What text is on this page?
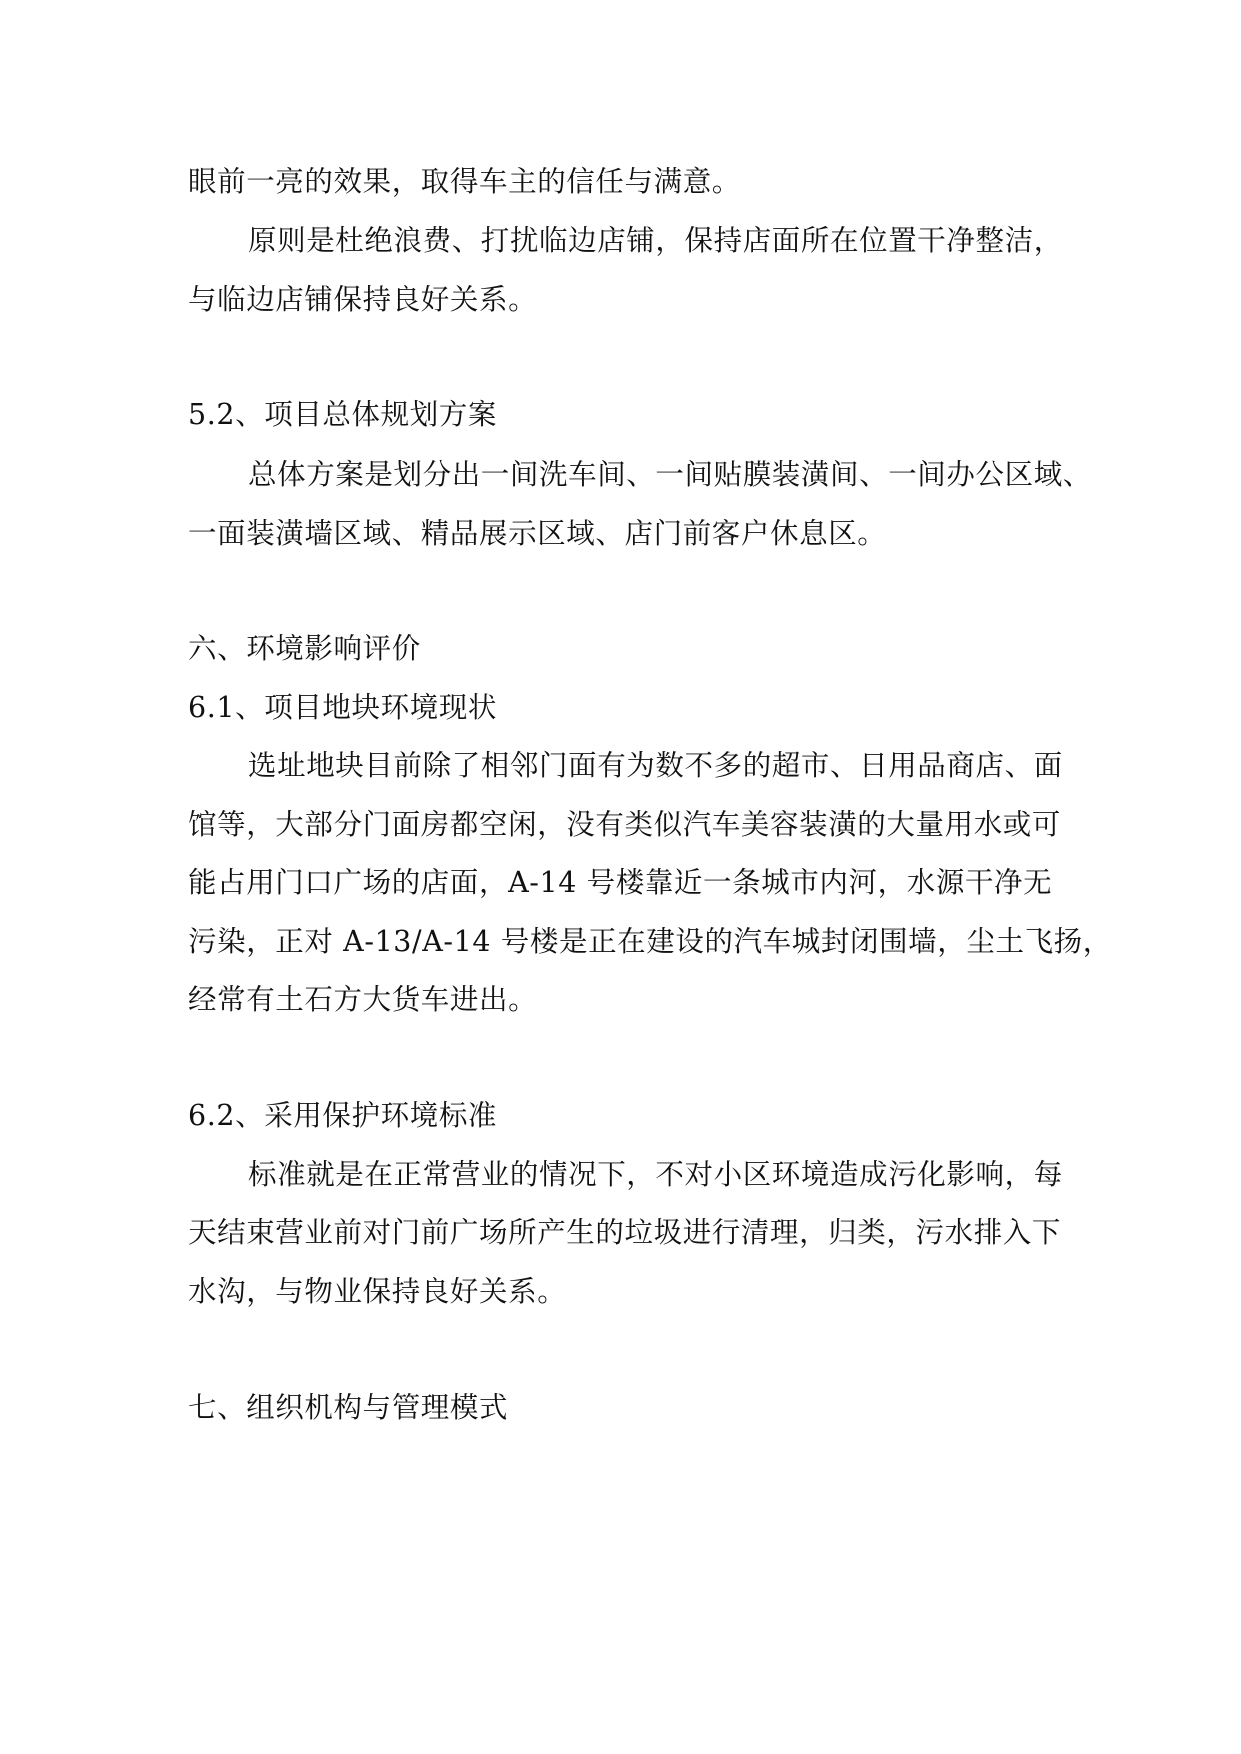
眼前一亮的效果，取得车主的信任与满意。
原则是杜绝浪费、打扰临边店铺，保持店面所在位置干净整洁，
与临边店铺保持良好关系。
5.2、项目总体规划方案
总体方案是划分出一间洗车间、一间贴膜装潢间、一间办公区域、
一面装潢墙区域、精品展示区域、店门前客户休息区。
六、环境影响评价
6.1、项目地块环境现状
选址地块目前除了相邻门面有为数不多的超市、日用品商店、面
馆等，大部分门面房都空闲，没有类似汽车美容装潢的大量用水或可
能占用门口广场的店面，A-14 号楼靠近一条城市内河，水源干净无
污染，正对 A-13/A-14 号楼是正在建设的汽车城封闭围墙，尘土飞扬，
经常有土石方大货车进出。
6.2、采用保护环境标准
标准就是在正常营业的情况下，不对小区环境造成污化影响，每
天结束营业前对门前广场所产生的垃圾进行清理，归类，污水排入下
水沟，与物业保持良好关系。
七、组织机构与管理模式
